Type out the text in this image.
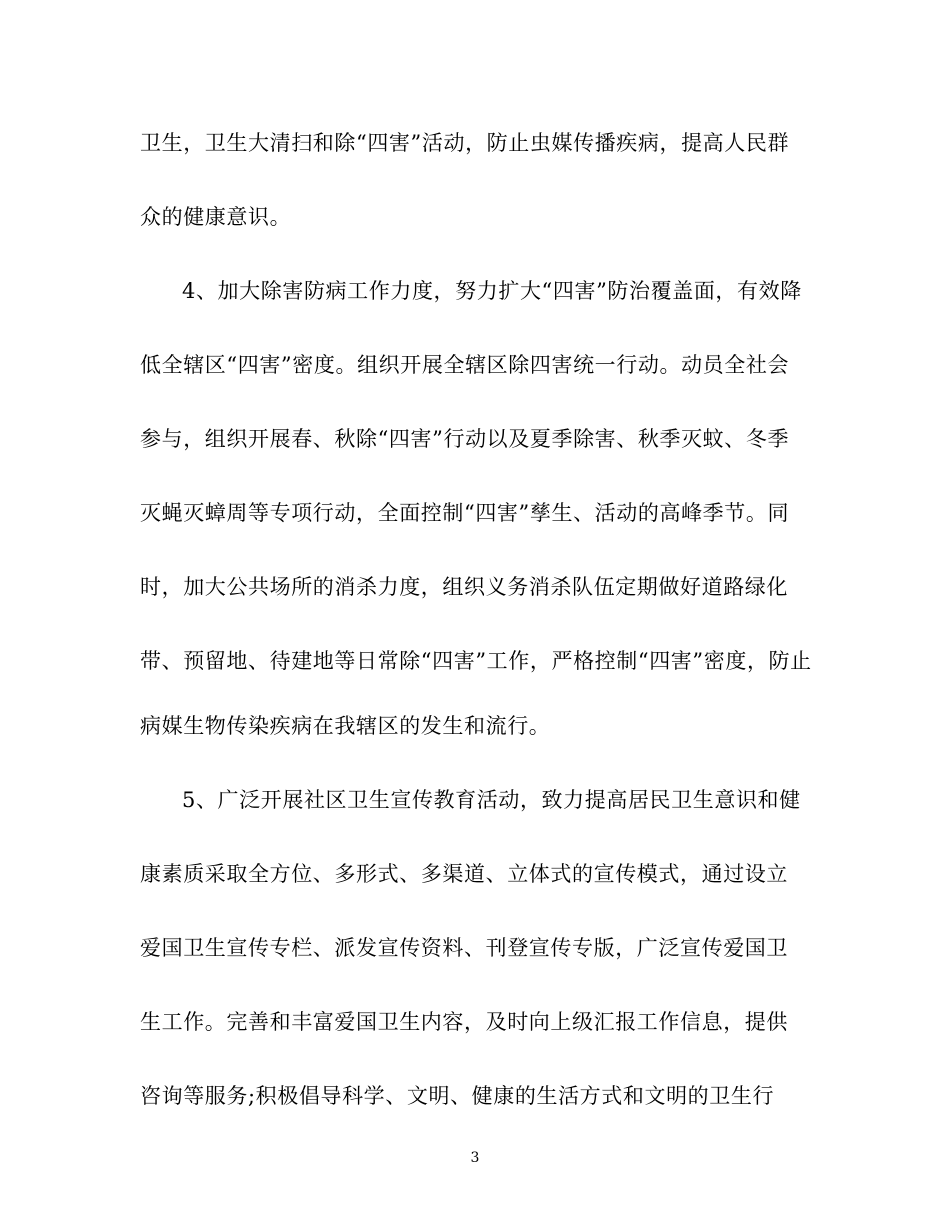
卫生，卫生大清扫和除“四害”活动，防止虫媒传播疾病，提高人民群
众的健康意识。
4、加大除害防病工作力度，努力扩大“四害”防治覆盖面，有效降
低全辖区“四害”密度。组织开展全辖区除四害统一行动。动员全社会
参与，组织开展春、秋除“四害”行动以及夏季除害、秋季灭蚊、冬季
灭蝇灭蟑周等专项行动，全面控制“四害”孳生、活动的高峰季节。同
时，加大公共场所的消杀力度，组织义务消杀队伍定期做好道路绿化
带、预留地、待建地等日常除“四害”工作，严格控制“四害”密度，防止
病媒生物传染疾病在我辖区的发生和流行。
5、广泛开展社区卫生宣传教育活动，致力提高居民卫生意识和健
康素质采取全方位、多形式、多渠道、立体式的宣传模式，通过设立
爱国卫生宣传专栏、派发宣传资料、刊登宣传专版，广泛宣传爱国卫
生工作。完善和丰富爱国卫生内容，及时向上级汇报工作信息，提供
咨询等服务;积极倡导科学、文明、健康的生活方式和文明的卫生行
3
